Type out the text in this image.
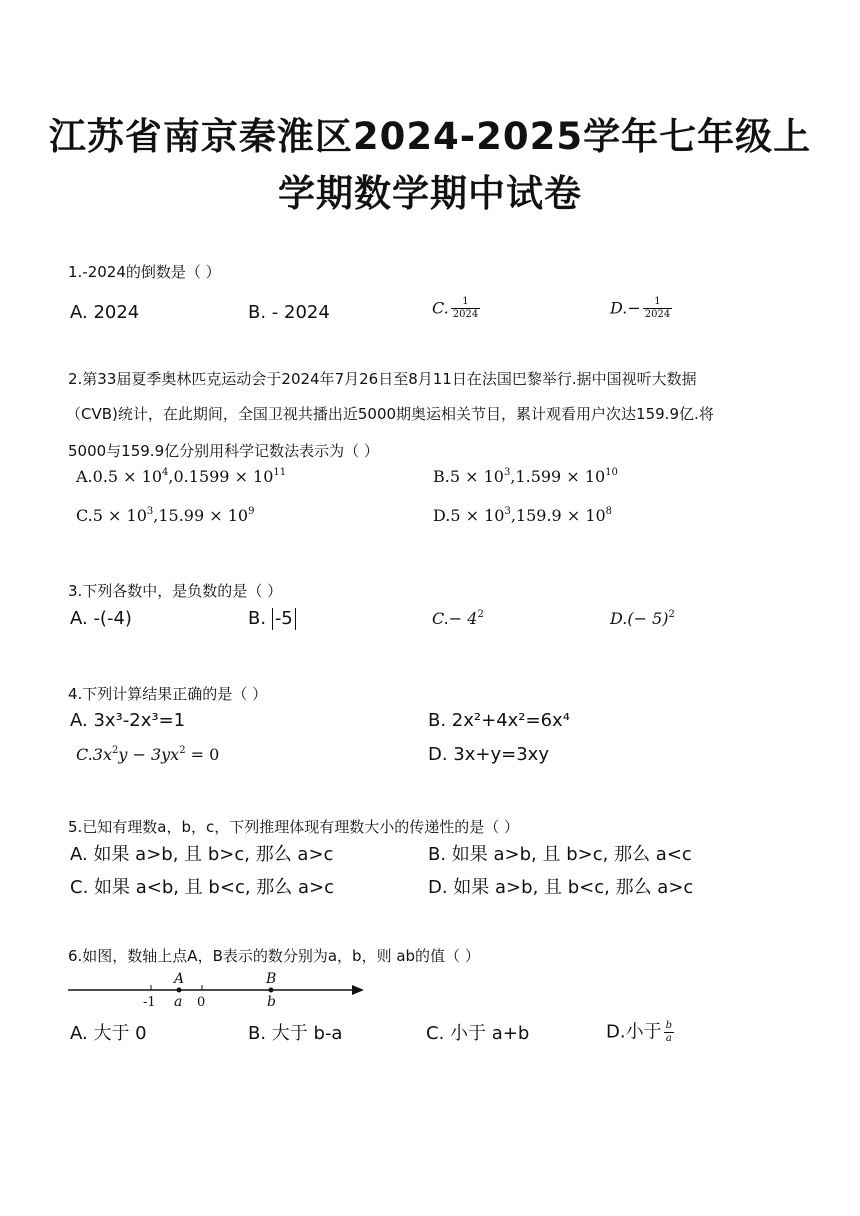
江苏省南京秦淮区2024-2025学年七年级上
学期数学期中试卷
1.-2024的倒数是（ ）
A. 2024	B. - 2024	C. $\frac{1}{2024}$	$D.- \frac{1}{2024}$
2.第33届夏季奥林匹克运动会于2024年7月26日至8月11日在法国巴黎举行.据中国视听大数据
（CVB)统计，在此期间，全国卫视共播出近5000期奥运相关节目，累计观看用户次达159.9亿.将
5000与159.9亿分别用科学记数法表示为（ ）
$A.0.5 \times 10^4,0.1599 \times 10^{11}$	$B.5 \times 10^3,1.599 \times 10^{10}$
$C.5 \times 10^3,15.99 \times 10^9$	$D.5 \times 10^3,159.9 \times 10^8$
3.下列各数中，是负数的是（ ）
A. -(-4)	B. -5	$C.- 4^2$	$D.(- 5)^2$
4.下列计算结果正确的是（ ）
A. 3x³-2x³=1	B. 2x²+4x²=6x⁴
$C.3x^2y - 3yx^2 = 0$	D. 3x+y=3xy
5.已知有理数a，b，c，下列推理体现有理数大小的传递性的是（ ）
A. 如果 a>b, 且 b>c, 那么 a>c	B. 如果 a>b, 且 b>c, 那么 a<c
C. 如果 a<b, 且 b<c, 那么 a>c	D. 如果 a>b, 且 b<c, 那么 a>c
6.如图，数轴上点A，B表示的数分别为a，b，则 ab的值（ ）
A	B
-1 a 0	b
A. 大于 0	B. 大于 b-a	C. 小于 a+b	D.小于 $\frac{b}{a}$
